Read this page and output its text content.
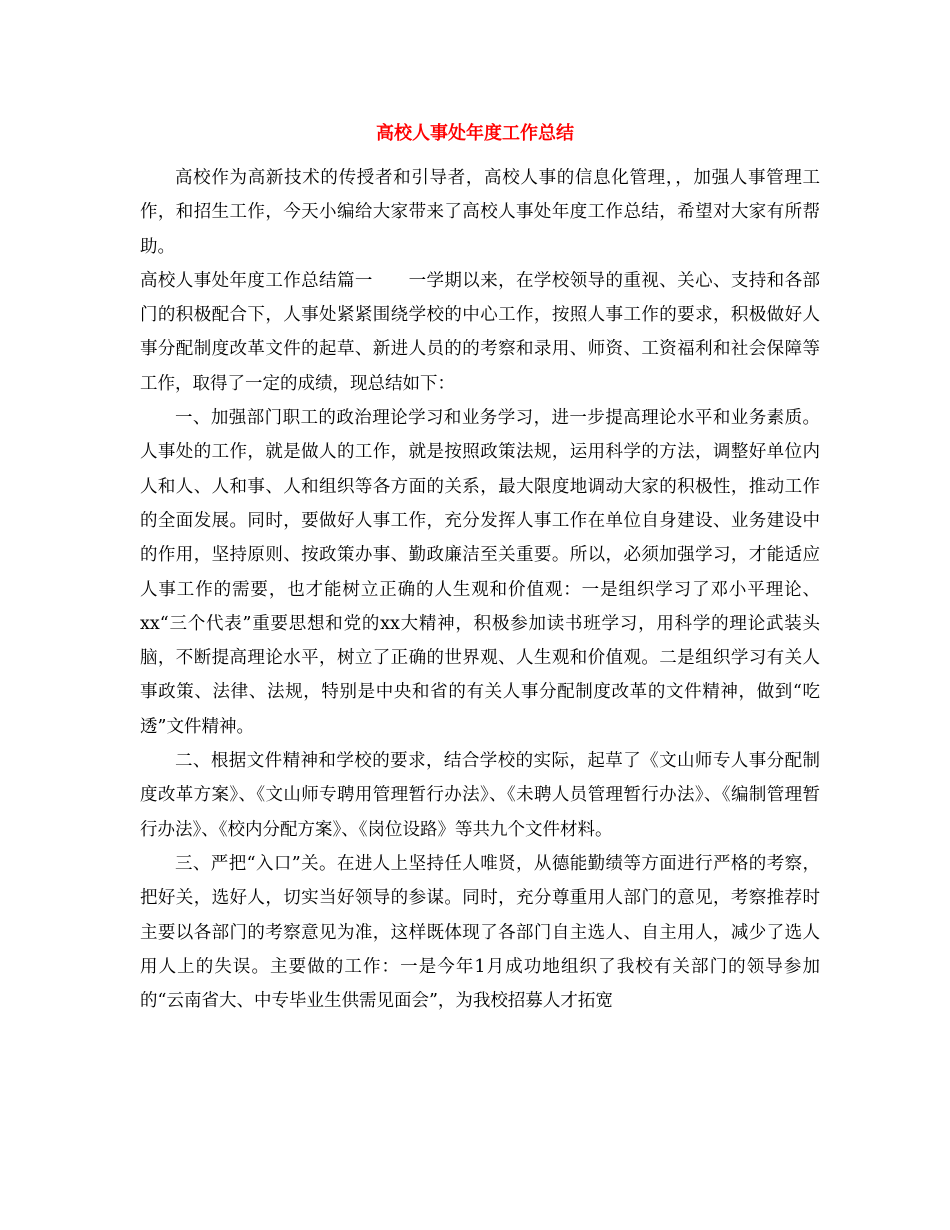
高校人事处年度工作总结

高校作为高新技术的传授者和引导者，高校人事的信息化管理，，加强人事管理工作，和招生工作，今天小编给大家带来了高校人事处年度工作总结，希望对大家有所帮助。

高校人事处年度工作总结篇一　　一学期以来，在学校领导的重视、关心、支持和各部门的积极配合下，人事处紧紧围绕学校的中心工作，按照人事工作的要求，积极做好人事分配制度改革文件的起草、新进人员的的考察和录用、师资、工资福利和社会保障等工作，取得了一定的成绩，现总结如下：

一、加强部门职工的政治理论学习和业务学习，进一步提高理论水平和业务素质。人事处的工作，就是做人的工作，就是按照政策法规，运用科学的方法，调整好单位内人和人、人和事、人和组织等各方面的关系，最大限度地调动大家的积极性，推动工作的全面发展。同时，要做好人事工作，充分发挥人事工作在单位自身建设、业务建设中的作用，坚持原则、按政策办事、勤政廉洁至关重要。所以，必须加强学习，才能适应人事工作的需要，也才能树立正确的人生观和价值观：一是组织学习了邓小平理论、xx“三个代表”重要思想和党的xx大精神，积极参加读书班学习，用科学的理论武装头脑，不断提高理论水平，树立了正确的世界观、人生观和价值观。二是组织学习有关人事政策、法律、法规，特别是中央和省的有关人事分配制度改革的文件精神，做到“吃透”文件精神。

二、根据文件精神和学校的要求，结合学校的实际，起草了《文山师专人事分配制度改革方案》、《文山师专聘用管理暂行办法》、《未聘人员管理暂行办法》、《编制管理暂行办法》、《校内分配方案》、《岗位设路》等共九个文件材料。

三、严把“入口”关。在进人上坚持任人唯贤，从德能勤绩等方面进行严格的考察，把好关，选好人，切实当好领导的参谋。同时，充分尊重用人部门的意见，考察推荐时主要以各部门的考察意见为准，这样既体现了各部门自主选人、自主用人，减少了选人用人上的失误。主要做的工作：一是今年1月成功地组织了我校有关部门的领导参加的“云南省大、中专毕业生供需见面会”，为我校招募人才拓宽
